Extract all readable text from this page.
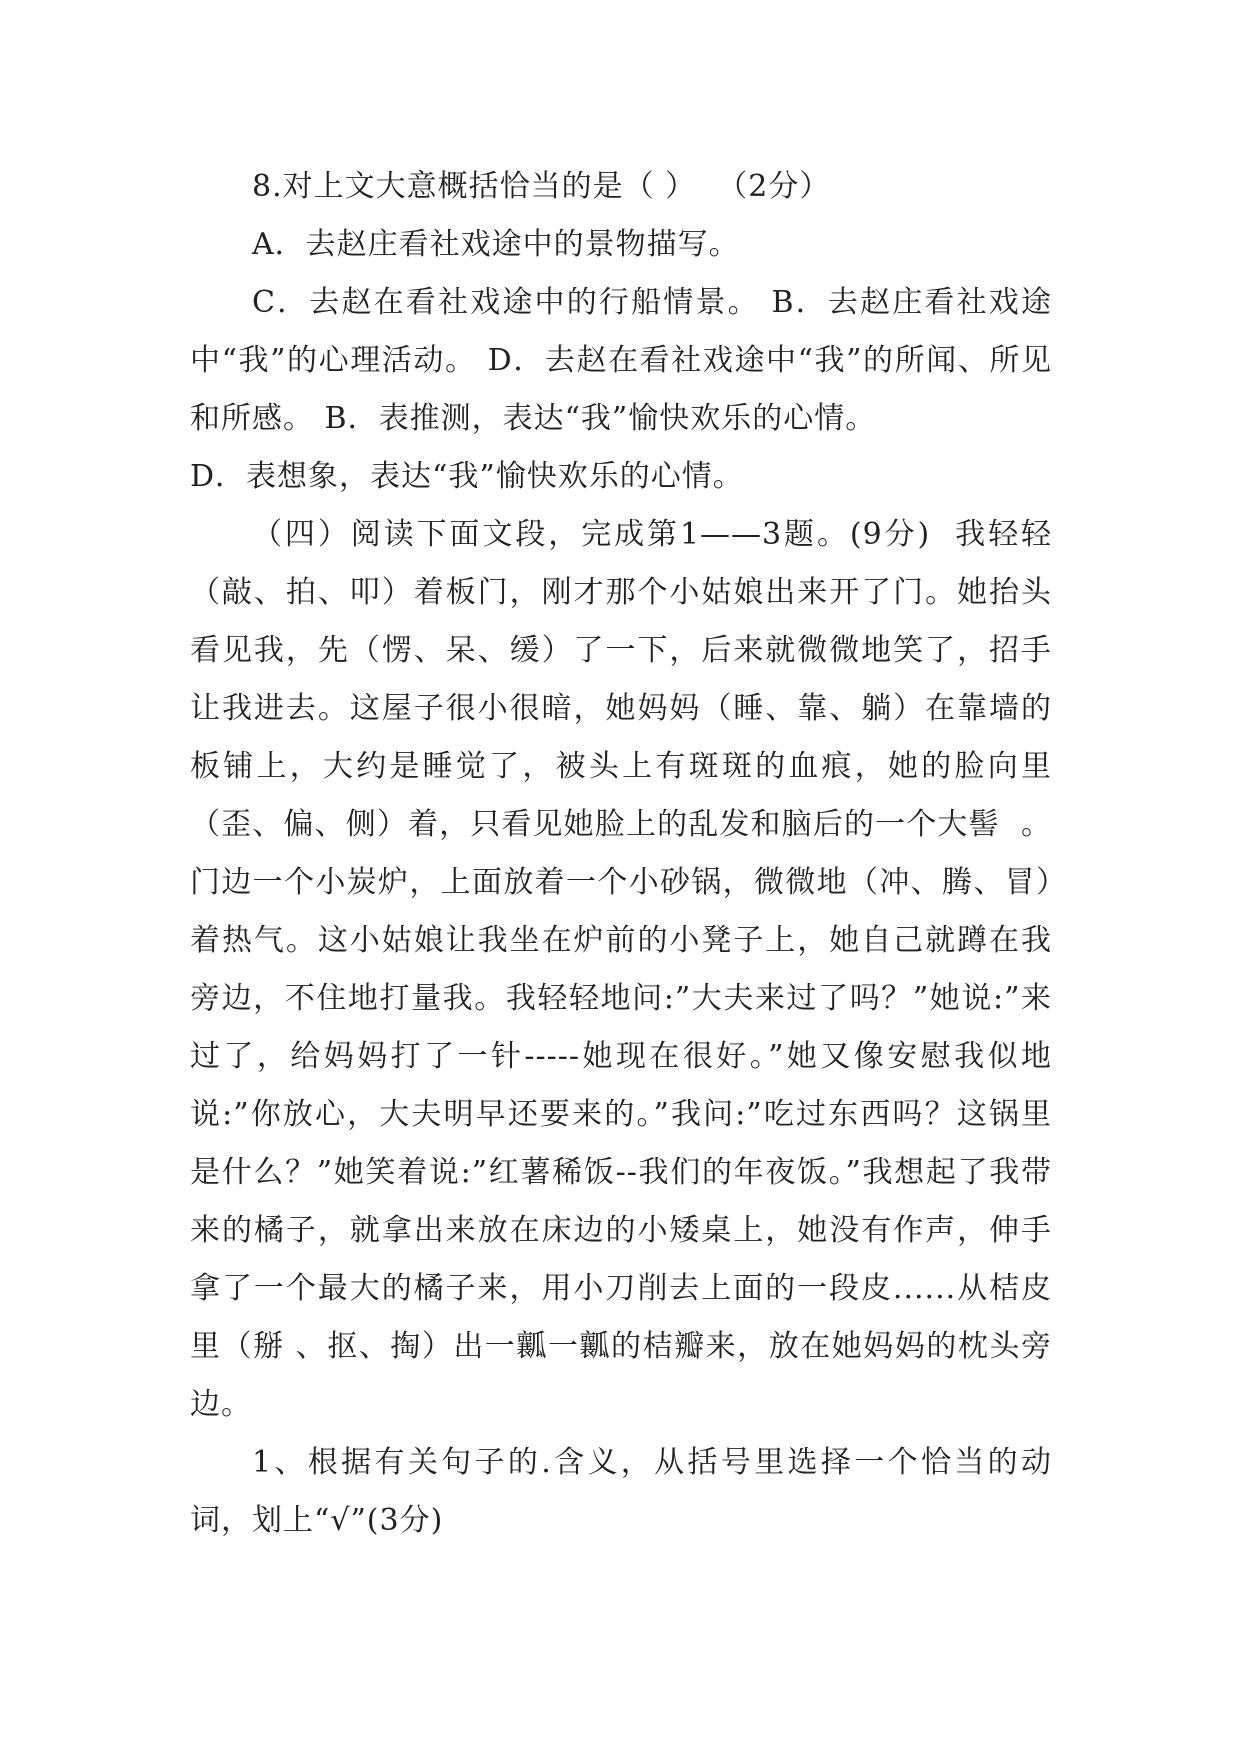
8.对上文大意概括恰当的是（ ）  （2分）

A．去赵庄看社戏途中的景物描写。

C．去赵在看社戏途中的行船情景。 B．去赵庄看社戏途中“我”的心理活动。 D．去赵在看社戏途中“我”的所闻、所见和所感。 B．表推测，表达“我”愉快欢乐的心情。

D．表想象，表达“我”愉快欢乐的心情。

（四）阅读下面文段，完成第1——3题。(9分)  我轻轻（敲、拍、叩）着板门，刚才那个小姑娘出来开了门。她抬头看见我，先（愣、呆、缓）了一下，后来就微微地笑了，招手让我进去。这屋子很小很暗，她妈妈（睡、靠、躺）在靠墙的板铺上，大约是睡觉了，被头上有斑斑的血痕，她的脸向里（歪、偏、侧）着，只看见她脸上的乱发和脑后的一个大髻  。门边一个小炭炉，上面放着一个小砂锅，微微地（冲、腾、冒）着热气。这小姑娘让我坐在炉前的小凳子上，她自己就蹲在我旁边，不住地打量我。我轻轻地问:”大夫来过了吗？”她说:”来过了，给妈妈打了一针-----她现在很好。”她又像安慰我似地说:”你放心，大夫明早还要来的。”我问:”吃过东西吗？这锅里是什么？”她笑着说:”红薯稀饭--我们的年夜饭。”我想起了我带来的橘子，就拿出来放在床边的小矮桌上，她没有作声，伸手拿了一个最大的橘子来，用小刀削去上面的一段皮......从桔皮里（掰 、抠、掏）出一瓤一瓤的桔瓣来，放在她妈妈的枕头旁边。

1、根据有关句子的.含义，从括号里选择一个恰当的动词，划上“√”(3分)
